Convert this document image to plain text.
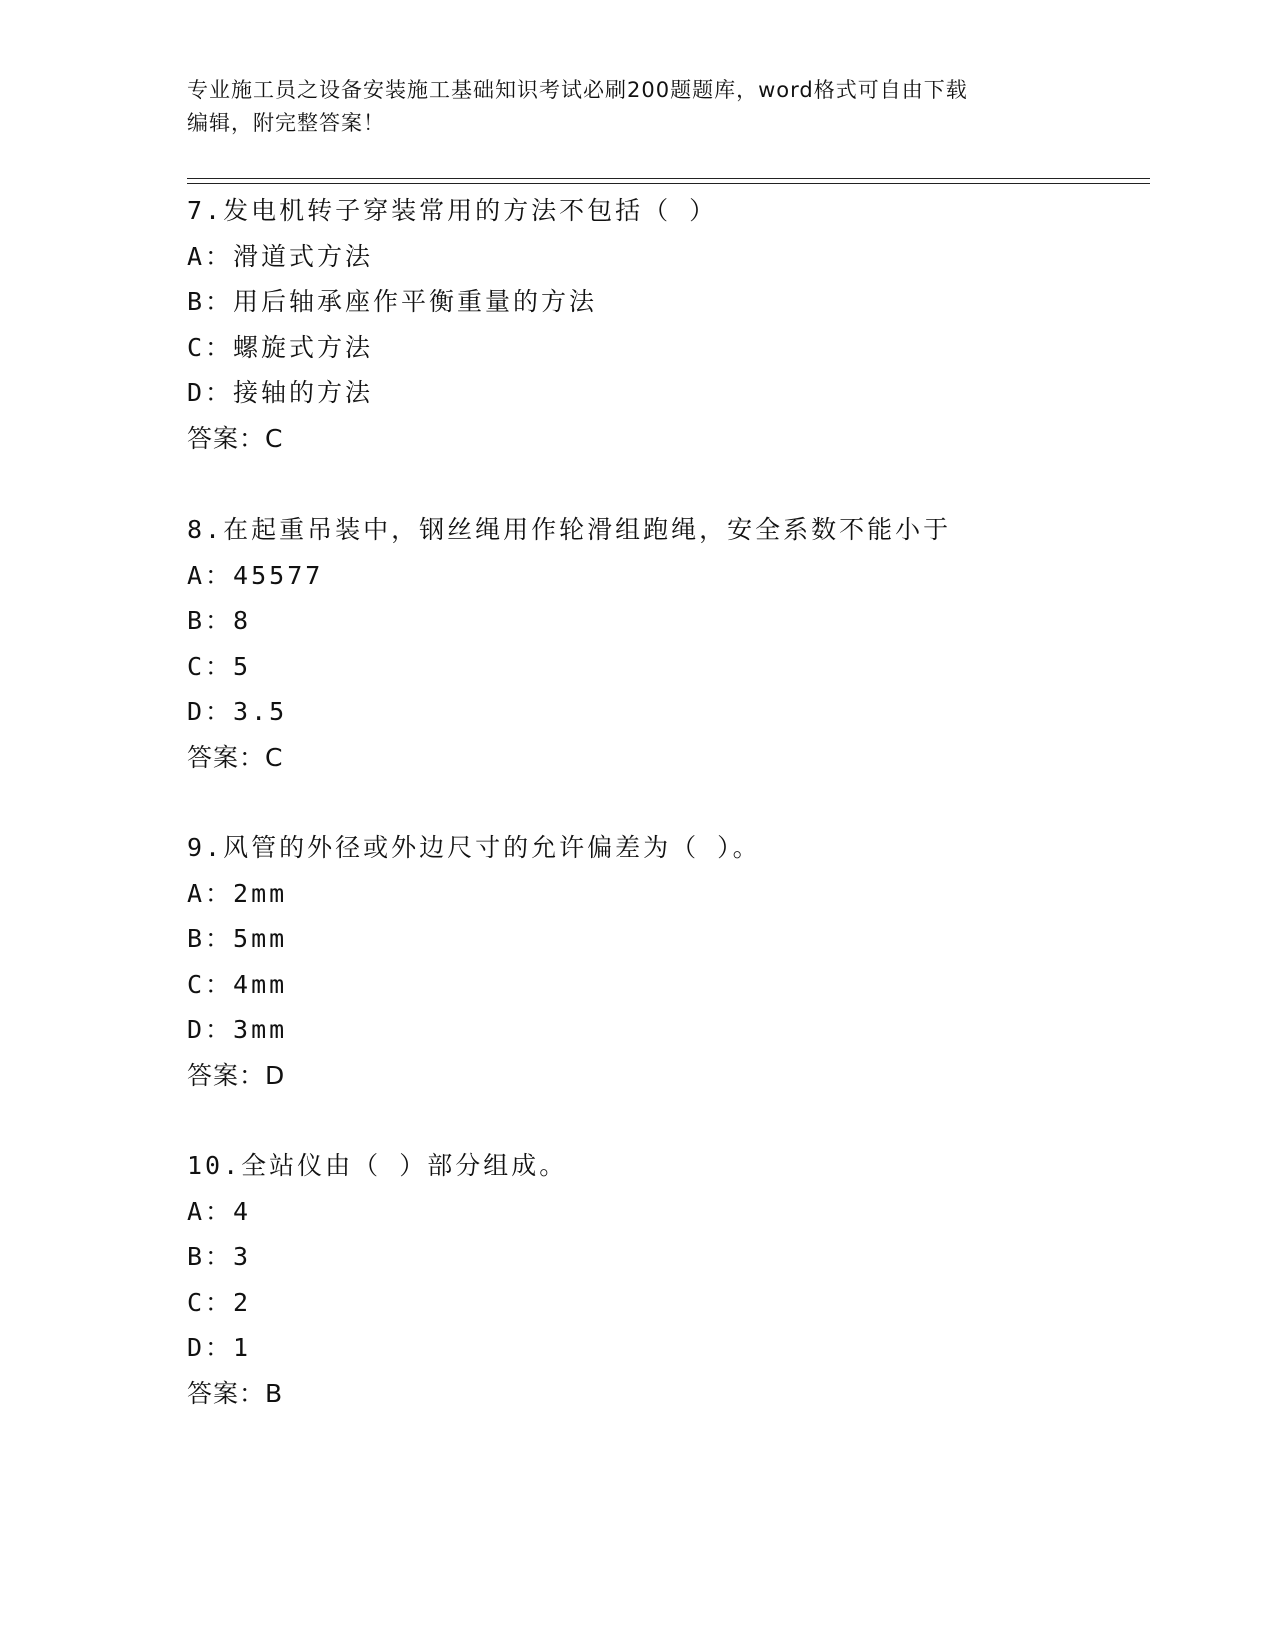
专业施工员之设备安装施工基础知识考试必刷200题题库，word格式可自由下载
编辑，附完整答案！
7.发电机转子穿装常用的方法不包括（ ）
A：滑道式方法
B：用后轴承座作平衡重量的方法
C：螺旋式方法
D：接轴的方法
答案：C
8.在起重吊装中，钢丝绳用作轮滑组跑绳，安全系数不能小于
A：45577
B：8
C：5
D：3.5
答案：C
9.风管的外径或外边尺寸的允许偏差为（ ）。
A：2mm
B：5mm
C：4mm
D：3mm
答案：D
10.全站仪由（ ）部分组成。
A：4
B：3
C：2
D：1
答案：B
